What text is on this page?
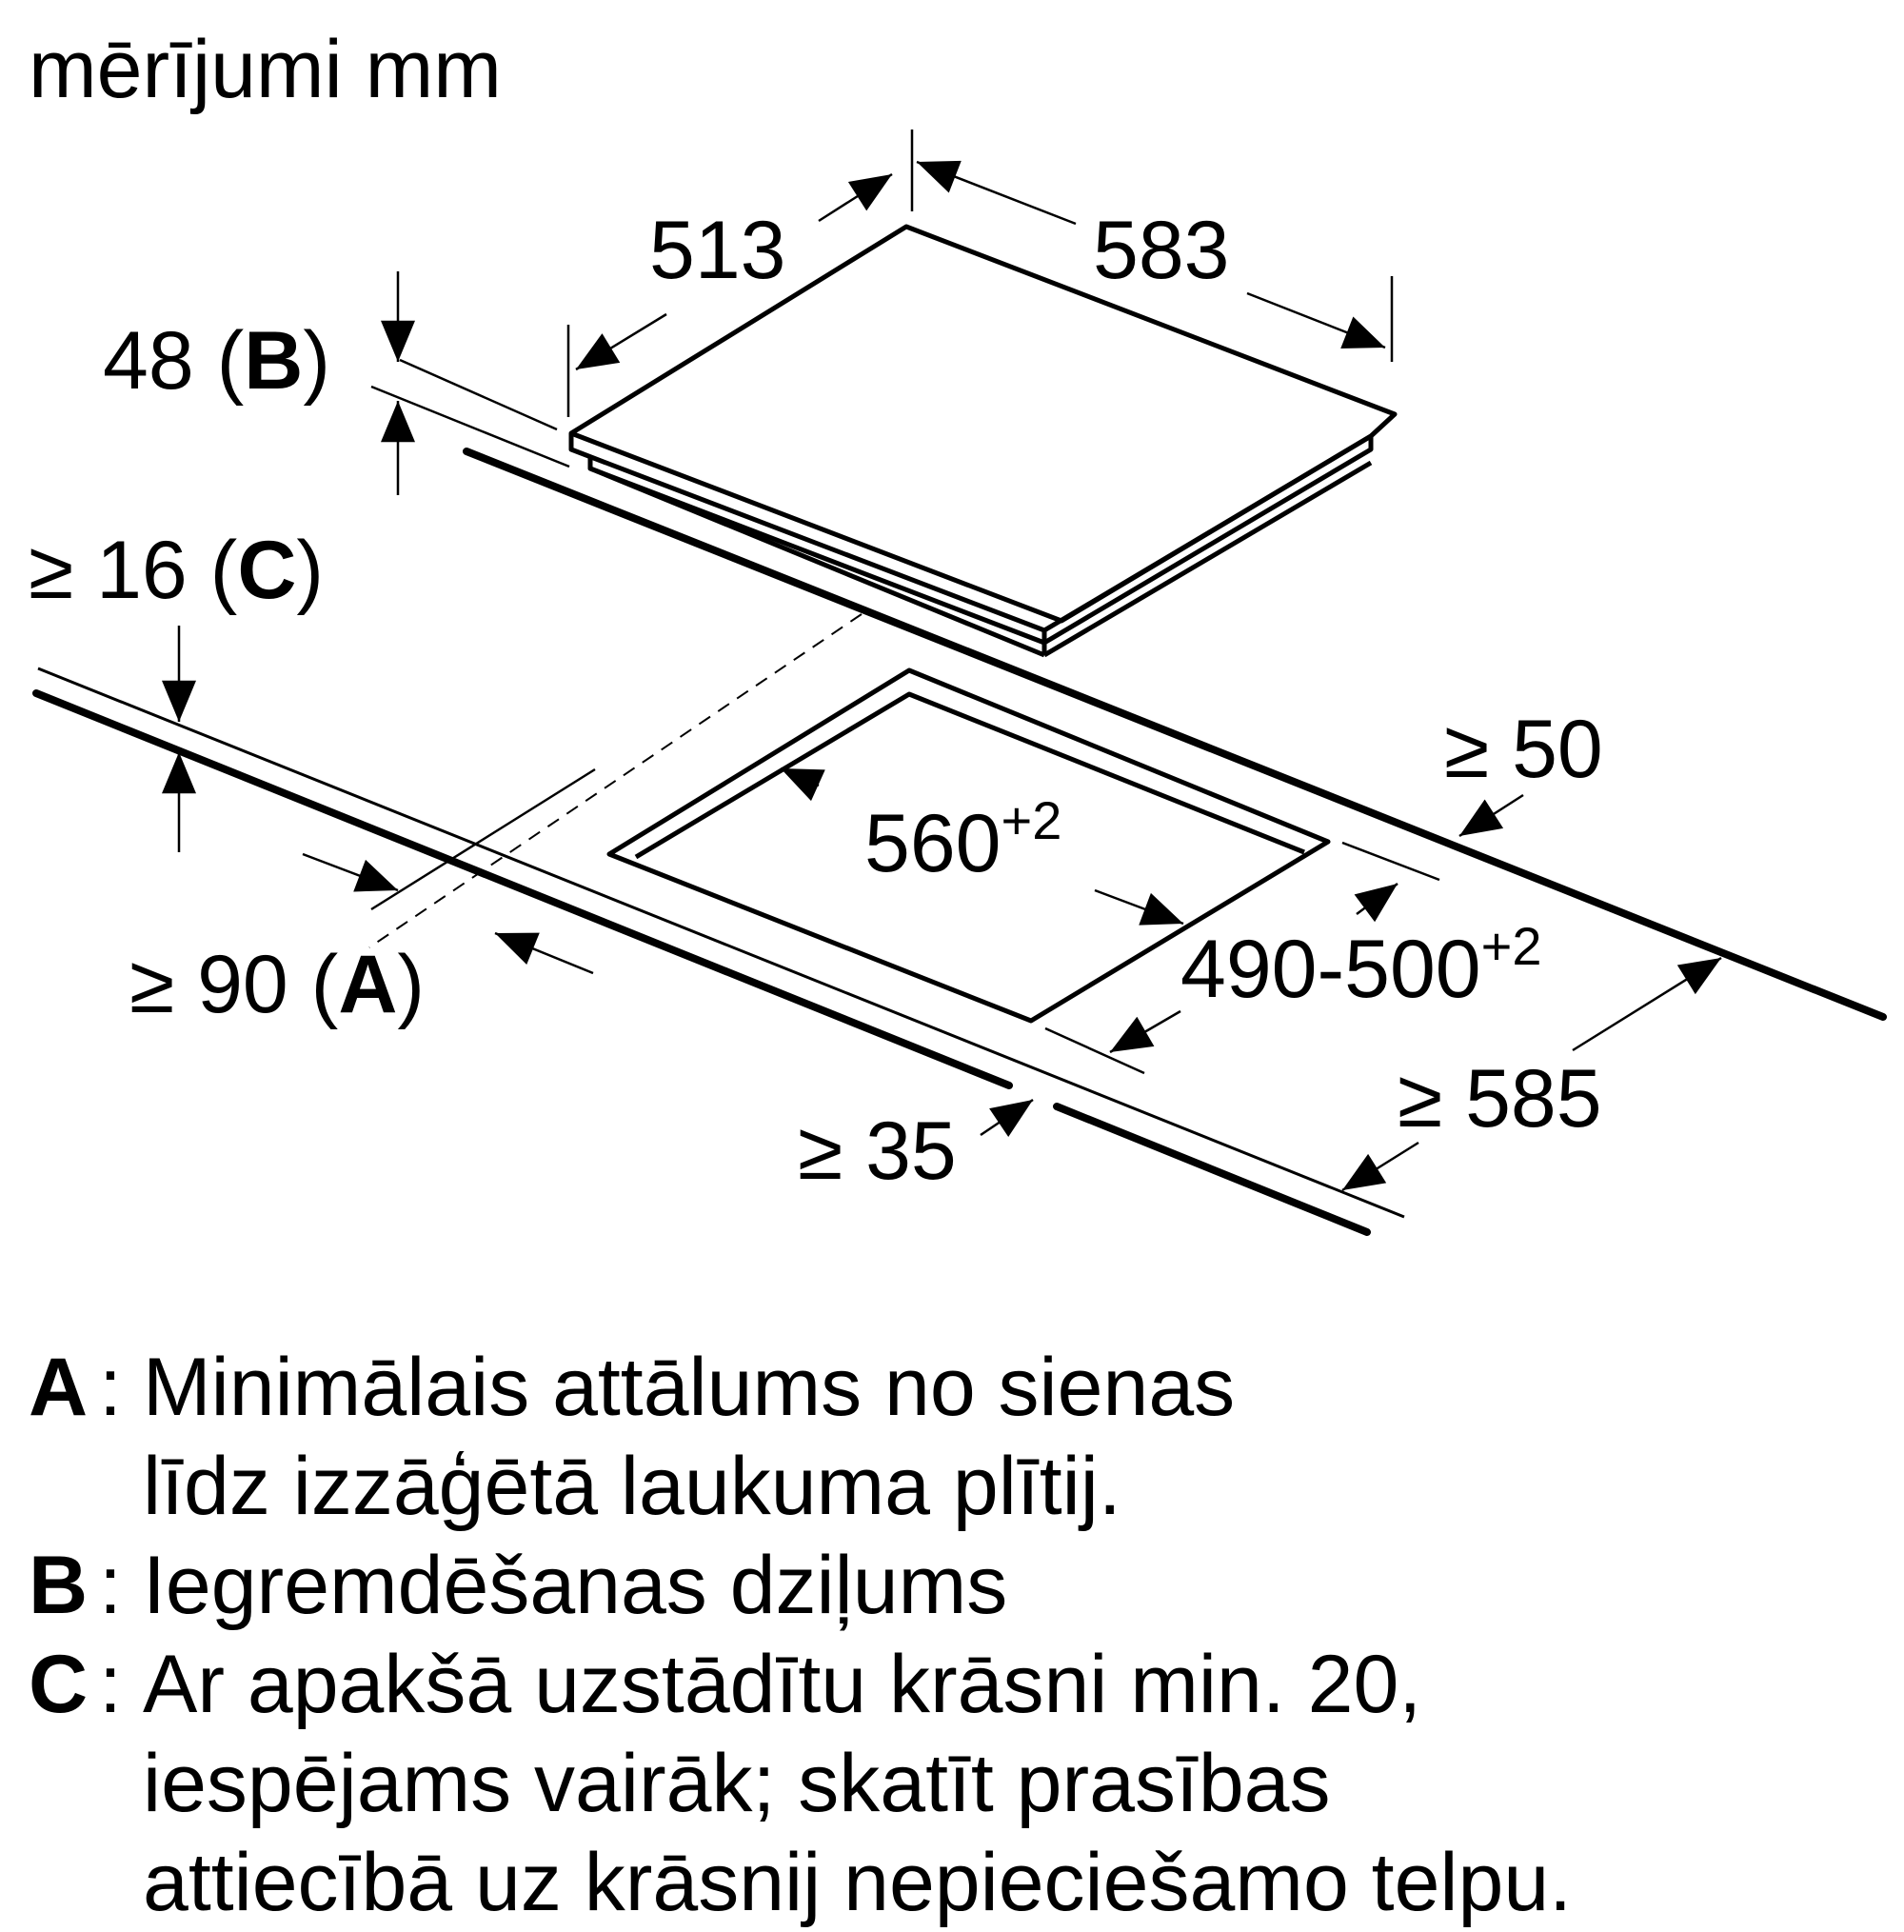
mērījumi mm
513	583
48 (B)
≥ 16 (C)
≥ 50
$560^{+2}$
$490-500^{+2}$
≥ 90 (A)
≥ 35
≥ 585
A : Minimālais attālums no sienas
līdz izzāģētā laukuma plītij.
B : Iegremdēšanas dziļums
C : Ar apakšā uzstādītu krāsni min. 20,
iespējams vairāk; skatīt prasības
attiecībā uz krāsnij nepieciešamo telpu.
